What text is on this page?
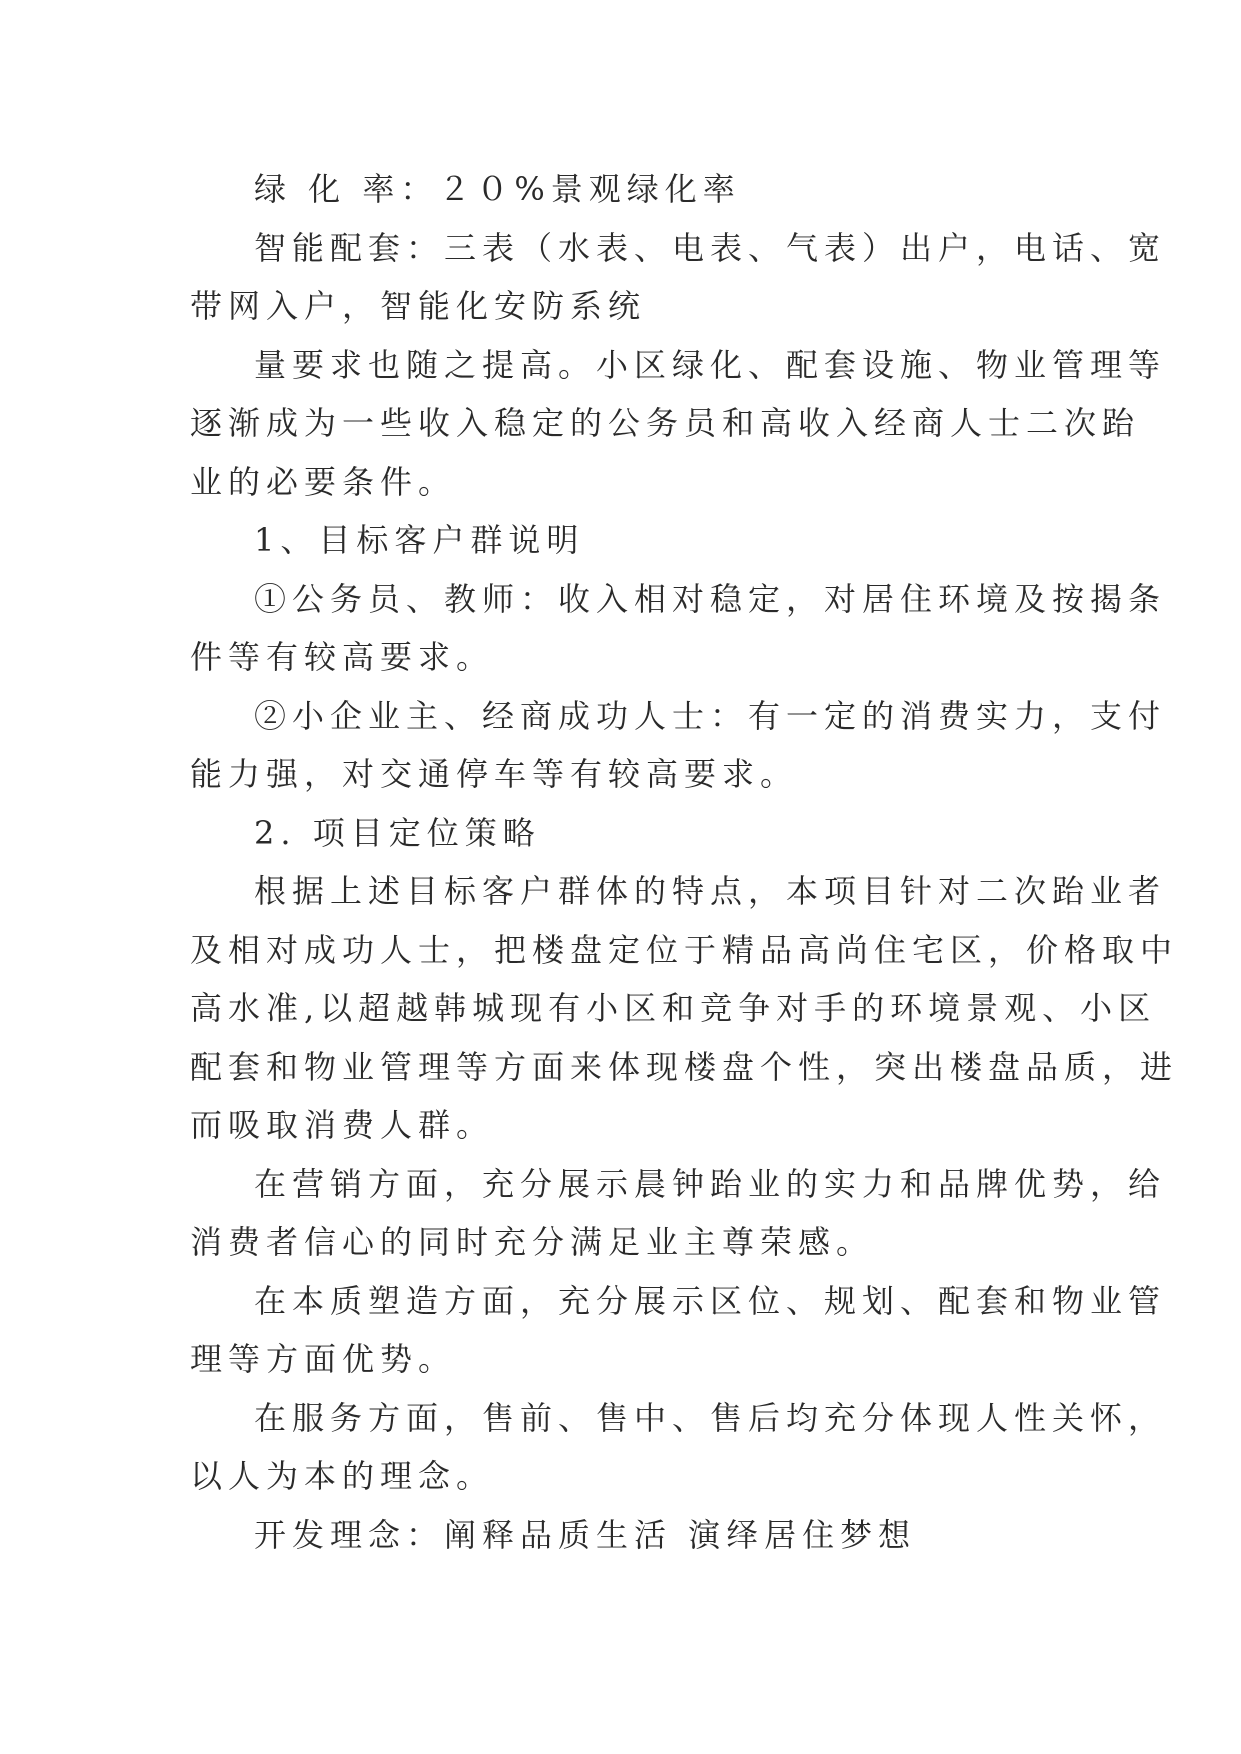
绿 化 率：２０%景观绿化率

智能配套：三表（水表、电表、气表）出户，电话、宽
带网入户，智能化安防系统

量要求也随之提高。小区绿化、配套设施、物业管理等
逐渐成为一些收入稳定的公务员和高收入经商人士二次跆
业的必要条件。

1、目标客户群说明

①公务员、教师：收入相对稳定，对居住环境及按揭条
件等有较高要求。

②小企业主、经商成功人士：有一定的消费实力，支付
能力强，对交通停车等有较高要求。

2. 项目定位策略

根据上述目标客户群体的特点，本项目针对二次跆业者
及相对成功人士，把楼盘定位于精品高尚住宅区，价格取中
高水准,以超越韩城现有小区和竞争对手的环境景观、小区
配套和物业管理等方面来体现楼盘个性，突出楼盘品质，进
而吸取消费人群。

在营销方面，充分展示晨钟跆业的实力和品牌优势，给
消费者信心的同时充分满足业主尊荣感。

在本质塑造方面，充分展示区位、规划、配套和物业管
理等方面优势。

在服务方面，售前、售中、售后均充分体现人性关怀，
以人为本的理念。

开发理念：阐释品质生活 演绎居住梦想
